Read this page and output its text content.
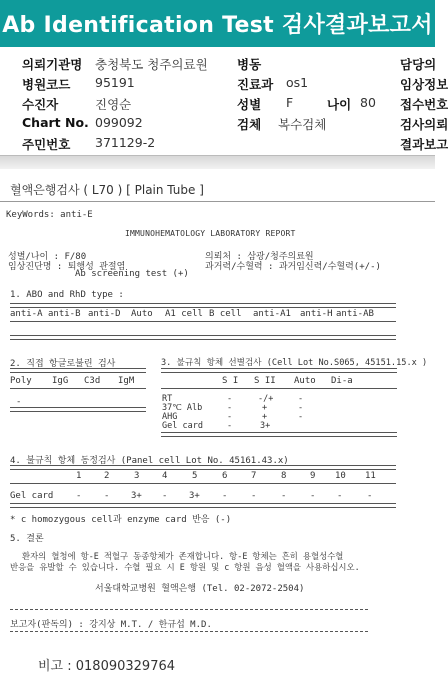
Ab Identification Test 검사결과보고서
의뢰기관명 충청북도 청주의료원 병동	담당의
병원코드 95191	진료과 os1	임상정보
수진자	진영순	성별 F	나이 80 접수번호
Chart No. 099092	검체 복수검체	검사의뢰
주민번호 371129-2	결과보고
혈액은행검사 ( L70 ) [ Plain Tube ]
KeyWords: anti-E
IMMUNOHEMATOLOGY LABORATORY REPORT
성별/나이 : F/80
임상진단명 : 퇴행성 관절염
Ab screening test (+)
의뢰처 : 삼광/청주의료원
과거력/수혈력 : 과거임신력/수혈력(+/-)
1. ABO and RhD type :
anti-A anti-B anti-D Auto A1 cell B cell anti-A1 anti-H anti-AB
2. 직접 항글로불린 검사
Poly IgG C3d IgM
-
3. 불규칙 항체 선별검사 (Cell Lot No.S065, 45151.15.x )
S I S II Auto Di-a
RT	-	-/+	-
37℃ Alb	-	+	-
AHG	-	+	-
Gel card	-	3+
4. 불규칙 항체 동정검사 (Panel cell Lot No. 45161.43.x)
1	2	3	4	5	6	7	8	9 10 11
Gel card	-	- 3+ - 3+ -	-	-	- -	-
* c homozygous cell과 enzyme card 반응 (-)
5. 결론
환자의 혈청에 항-E 적혈구 동종항체가 존재합니다. 항-E 항체는 흔히 용혈성수혈
반응을 유발할 수 있습니다. 수혈 필요 시 E 항원 및 c 항원 음성 혈액을 사용하십시오.
서울대학교병원 혈액은행 (Tel. 02-2072-2504)
보고자(판독의) : 강지상 M.T. / 한규섭 M.D.
비고 : 018090329764
